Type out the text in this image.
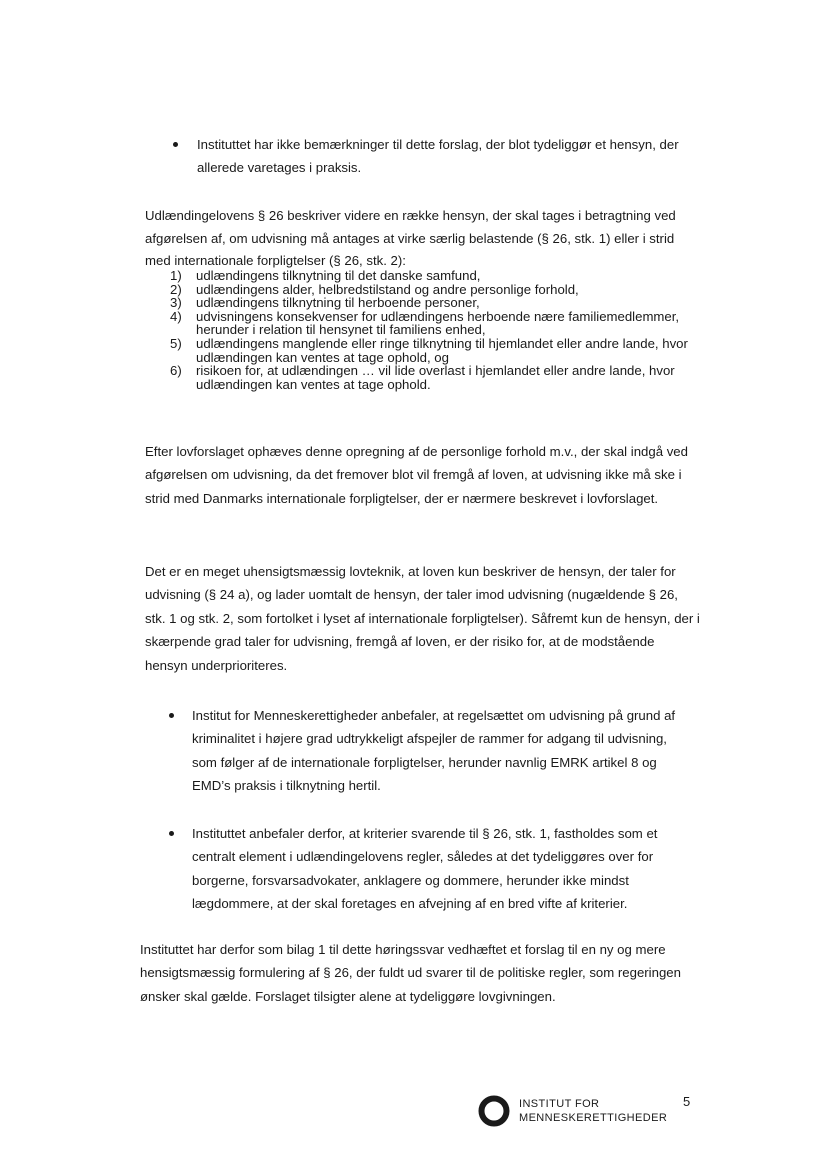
Instituttet har ikke bemærkninger til dette forslag, der blot tydeliggør et hensyn, der allerede varetages i praksis.

Udlændingelovens § 26 beskriver videre en række hensyn, der skal tages i betragtning ved afgørelsen af, om udvisning må antages at virke særlig belastende (§ 26, stk. 1) eller i strid med internationale forpligtelser (§ 26, stk. 2):

1) udlændingens tilknytning til det danske samfund,
2) udlændingens alder, helbredstilstand og andre personlige forhold,
3) udlændingens tilknytning til herboende personer,
4) udvisningens konsekvenser for udlændingens herboende nære familiemedlemmer, herunder i relation til hensynet til familiens enhed,
5) udlændingens manglende eller ringe tilknytning til hjemlandet eller andre lande, hvor udlændingen kan ventes at tage ophold, og
6) risikoen for, at udlændingen … vil lide overlast i hjemlandet eller andre lande, hvor udlændingen kan ventes at tage ophold.

Efter lovforslaget ophæves denne opregning af de personlige forhold m.v., der skal indgå ved afgørelsen om udvisning, da det fremover blot vil fremgå af loven, at udvisning ikke må ske i strid med Danmarks internationale forpligtelser, der er nærmere beskrevet i lovforslaget.

Det er en meget uhensigtsmæssig lovteknik, at loven kun beskriver de hensyn, der taler for udvisning (§ 24 a), og lader uomtalt de hensyn, der taler imod udvisning (nugældende § 26, stk. 1 og stk. 2, som fortolket i lyset af internationale forpligtelser). Såfremt kun de hensyn, der i skærpende grad taler for udvisning, fremgå af loven, er der risiko for, at de modstående hensyn underprioriteres.

Institut for Menneskerettigheder anbefaler, at regelsættet om udvisning på grund af kriminalitet i højere grad udtrykkeligt afspejler de rammer for adgang til udvisning, som følger af de internationale forpligtelser, herunder navnlig EMRK artikel 8 og EMD’s praksis i tilknytning hertil.

Instituttet anbefaler derfor, at kriterier svarende til § 26, stk. 1, fastholdes som et centralt element i udlændingelovens regler, således at det tydeliggøres over for borgerne, forsvarsadvokater, anklagere og dommere, herunder ikke mindst lægdommere, at der skal foretages en afvejning af en bred vifte af kriterier.

Instituttet har derfor som bilag 1 til dette høringssvar vedhæftet et forslag til en ny og mere hensigtsmæssig formulering af § 26, der fuldt ud svarer til de politiske regler, som regeringen ønsker skal gælde. Forslaget tilsigter alene at tydeliggøre lovgivningen.

INSTITUT FOR
MENNESKERETTIGHEDER
5
